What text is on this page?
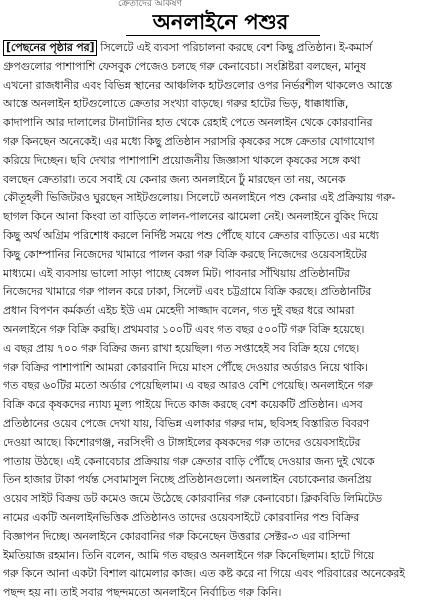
ক্রেতাদের আকর্ষণ
অনলাইনে পশুর
[পেছনের পৃষ্ঠার পর] সিলেটে এই ব্যবসা পরিচালনা করছে বেশ কিছু প্রতিষ্ঠান। ই-কমার্স
গ্রুপগুলোর পাশাপাশি ফেসবুক পেজেও চলছে গরু কেনাবেচা। সংশ্লিষ্টরা বলছেন, মানুষ
এখনো রাজধানীর এবং বিভিন্ন স্থানের আঞ্চলিক হাটগুলোর ওপর নির্ভরশীল থাকলেও আস্তে
আস্তে অনলাইন হাটগুলোতে ক্রেতার সংখ্যা বাড়ছে। গরুর হাটের ভিড়, ধাক্কাধাক্কি,
কাদাপানি আর দালালের টানাটানির হাত থেকে রেহাই পেতে অনলাইন থেকে কোরবানির
গরু কিনছেন অনেকেই। এর মধ্যে কিছু প্রতিষ্ঠান সরাসরি কৃষকের সঙ্গে ক্রেতার যোগাযোগ
করিয়ে দিচ্ছেন। ছবি দেখার পাশাপাশি প্রয়োজনীয় জিজ্ঞাসা থাকলে কৃষকের সঙ্গে কথা
বলছেন ক্রেতারা। তবে সবাই যে কেনার জন্য অনলাইনে ঢুঁ মারছেন তা নয়, অনেক
কৌতূহলী ভিজিটরও ঘুরছেন সাইটগুলোয়। সিলেটে অনলাইনে পশু কেনার এই প্রক্রিয়ায় গরু-
ছাগল কিনে আনা কিংবা তা বাড়িতে লালন-পালনের ঝামেলা নেই। অনলাইনে বুকিং দিয়ে
কিছু অর্থ অগ্রিম পরিশোধ করলে নির্দিষ্ট সময়ে পশু পৌঁছে যাবে ক্রেতার বাড়িতে। এর মধ্যে
কিছু কোম্পানির নিজেদের খামারে পালন করা গরু বিক্রি করছে নিজেদের ওয়েবসাইটের
মাধ্যমে। এই ব্যবসায় ভালো সাড়া পাচ্ছে বেঙ্গল মিট। পাবনার সাঁথিয়ায় প্রতিষ্ঠানটির
নিজেদের খামারে গরু পালন করে ঢাকা, সিলেট এবং চট্টগ্রামে বিক্রি করছে। প্রতিষ্ঠানটির
প্রধান বিপণন কর্মকর্তা এইচ ইউ এম মেহেদী সাজ্জাদ বলেন, গত দুই বছর ধরে আমরা
অনলাইনে গরু বিক্রি করছি। প্রথমবার ১০০টি এবং গত বছর ৫০০টি গরু বিক্রি হয়েছে।
এ বছর প্রায় ৭০০ গরু বিক্রির জন্য রাখা হয়েছিল। গত সপ্তাহেই সব বিক্রি হয়ে গেছে।
গরু বিক্রির পাশাপাশি আমরা কোরবানি দিয়ে মাংস পৌঁছে দেওয়ার অর্ডারও নিয়ে থাকি।
গত বছর ৬০টির মতো অর্ডার পেয়েছিলাম। এ বছর আরও বেশি পেয়েছি। অনলাইনে গরু
বিক্রি করে কৃষকদের ন্যায্য মূল্য পাইয়ে দিতে কাজ করছে বেশ কয়েকটি প্রতিষ্ঠান। এসব
প্রতিষ্ঠানের ওয়েব পেজে দেখা যায়, বিভিন্ন এলাকার গরুর দাম, ছবিসহ বিস্তারিত বিবরণ
দেওয়া আছে। কিশোরগঞ্জ, নরসিংদী ও টাঙ্গাইলের কৃষকদের গরু তাদের ওয়েবসাইটের
পাতায় উঠছে। এই কেনাবেচার প্রক্রিয়ায় গরু ক্রেতার বাড়ি পৌঁছে দেওয়ার জন্য দুই থেকে
তিন হাজার টাকা পর্যন্ত সেবামাসুল নিচ্ছে প্রতিষ্ঠানগুলো। অনলাইন বেচাকেনার জনপ্রিয়
ওয়েব সাইট বিক্রয় ডট কমেও জমে উঠেছে কোরবানির গরু কেনাবেচা। ক্লিকবিডি লিমিটেড
নামের একটি অনলাইনভিত্তিক প্রতিষ্ঠানও তাদের ওয়েবসাইটে কোরবানির পশু বিক্রির
বিজ্ঞাপন দিচ্ছে। অনলাইনে কোরবানির গরু কিনেছেন উত্তরার সেক্টর-৩ এর বাসিন্দা
ইমতিয়াজ রহমান। তিনি বলেন, আমি গত বছরও অনলাইনে গরু কিনেছিলাম। হাটে গিয়ে
গরু কিনে আনা একটা বিশাল ঝামেলার কাজ। এত কষ্ট করে না গিয়ে এবং পরিবারের অনেকেরই
পছন্দ হয় না। তাই সবার পছন্দমতো অনলাইনে নির্বাচিত গরু কিনি।
